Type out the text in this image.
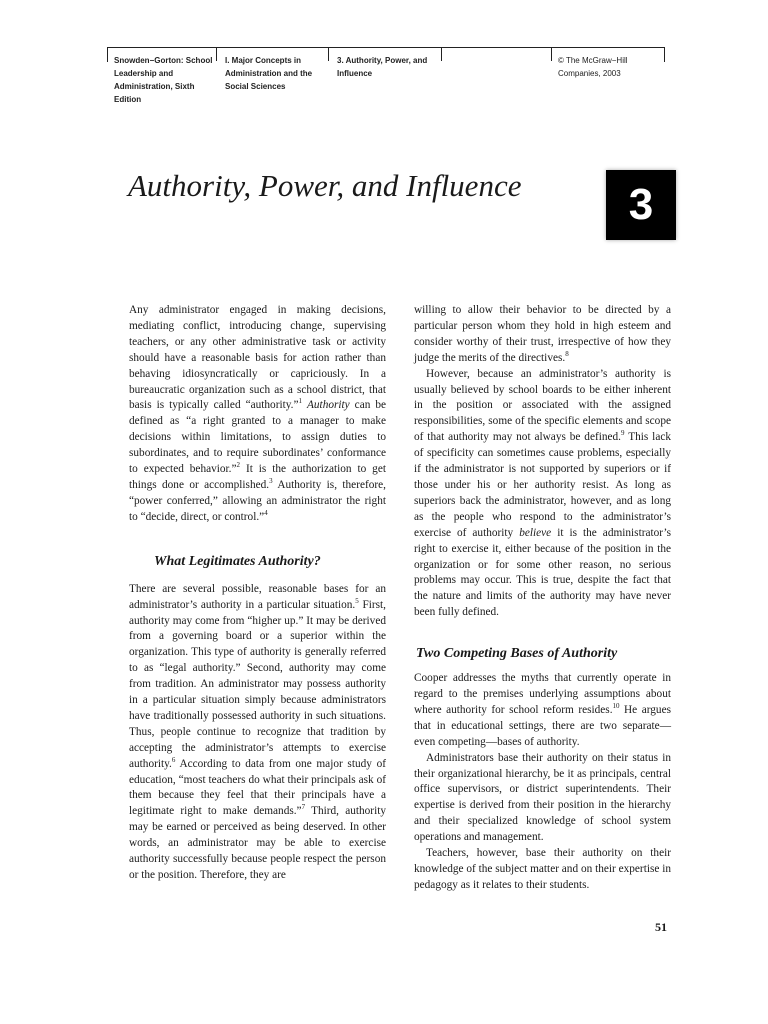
Snowden−Gorton: School
Leadership and
Administration, Sixth
Edition
I. Major Concepts in
Administration and the
Social Sciences
3. Authority, Power, and
Influence
© The McGraw−Hill
Companies, 2003
Authority, Power, and Influence 3

Any administrator engaged in making decisions, mediating conflict, introducing change, supervising teachers, or any other administrative task or activity should have a reasonable basis for action rather than behaving idiosyncratically or capriciously. In a bureaucratic organization such as a school district, that basis is typically called “authority.”$^1$ Authority can be defined as “a right granted to a manager to make decisions within limitations, to assign duties to subordinates, and to require subordinates’ conformance to expected behavior.”$^2$ It is the authorization to get things done or accomplished.$^3$ Authority is, therefore, “power conferred,” allowing an administrator the right to “decide, direct, or control.”$^4$

What Legitimates Authority?

There are several possible, reasonable bases for an administrator’s authority in a particular situation.$^5$ First, authority may come from “higher up.” It may be derived from a governing board or a superior within the organization. This type of authority is generally referred to as “legal authority.” Second, authority may come from tradition. An administrator may possess authority in a particular situation simply because administrators have traditionally possessed authority in such situations. Thus, people continue to recognize that tradition by accepting the administrator’s attempts to exercise authority.$^6$ According to data from one major study of education, “most teachers do what their principals ask of them because they feel that their principals have a legitimate right to make demands.”$^7$ Third, authority may be earned or perceived as being deserved. In other words, an administrator may be able to exercise authority successfully because people respect the person or the position. Therefore, they are

willing to allow their behavior to be directed by a particular person whom they hold in high esteem and consider worthy of their trust, irrespective of how they judge the merits of the directives.$^8$

However, because an administrator’s authority is usually believed by school boards to be either inherent in the position or associated with the assigned responsibilities, some of the specific elements and scope of that authority may not always be defined.$^9$ This lack of specificity can sometimes cause problems, especially if the administrator is not supported by superiors or if those under his or her authority resist. As long as superiors back the administrator, however, and as long as the people who respond to the administrator’s exercise of authority believe it is the administrator’s right to exercise it, either because of the position in the organization or for some other reason, no serious problems may occur. This is true, despite the fact that the nature and limits of the authority may have never been fully defined.

Two Competing Bases of Authority

Cooper addresses the myths that currently operate in regard to the premises underlying assumptions about where authority for school reform resides.$^{10}$ He argues that in educational settings, there are two separate—even competing—bases of authority.

Administrators base their authority on their status in their organizational hierarchy, be it as principals, central office supervisors, or district superintendents. Their expertise is derived from their position in the hierarchy and their specialized knowledge of school system operations and management.

Teachers, however, base their authority on their knowledge of the subject matter and on their expertise in pedagogy as it relates to their students.

51
